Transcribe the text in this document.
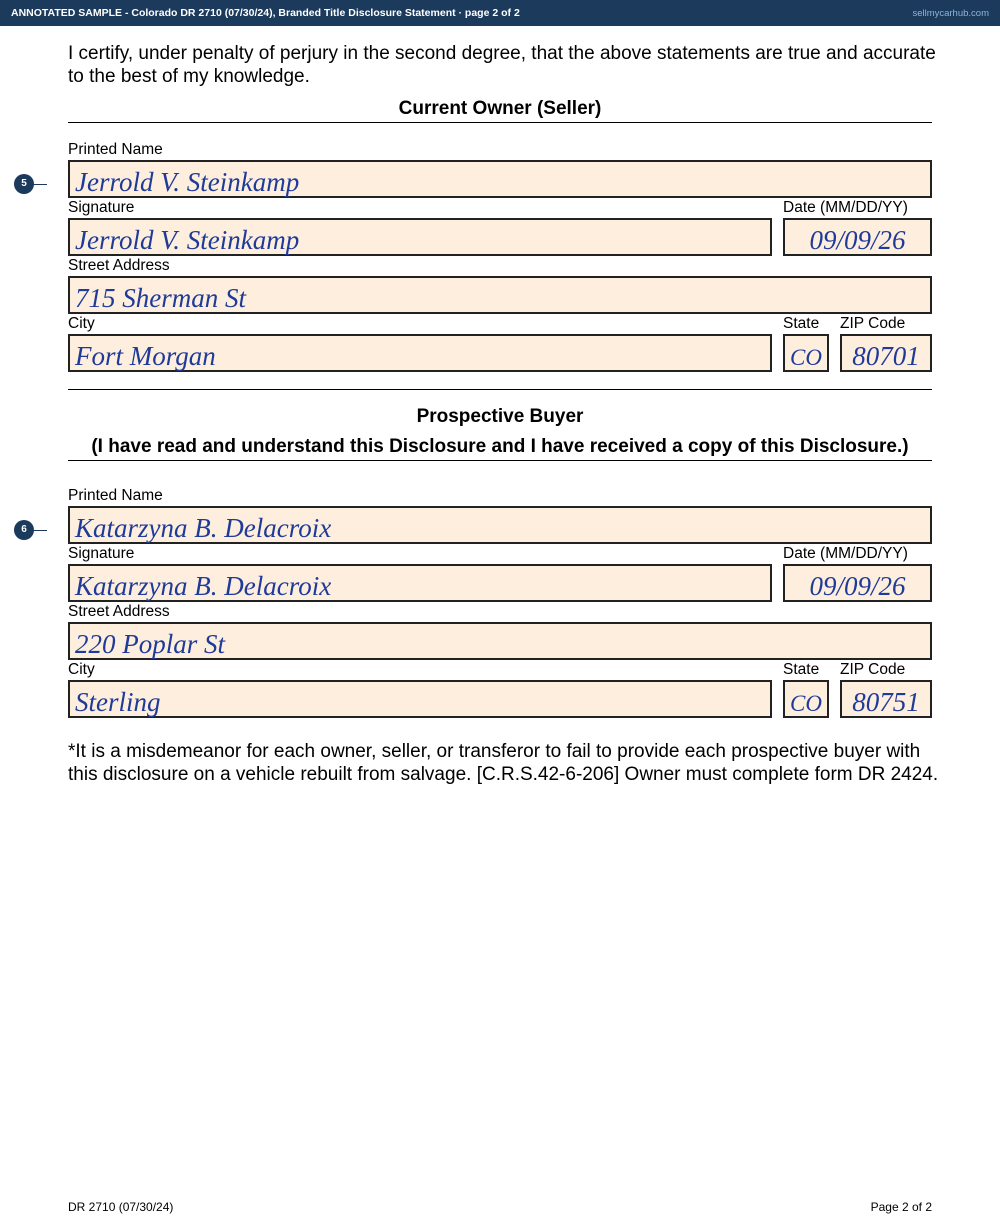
ANNOTATED SAMPLE - Colorado DR 2710 (07/30/24), Branded Title Disclosure Statement · page 2 of 2	sellmycarhub.com
I certify, under penalty of perjury in the second degree, that the above statements are true and accurate to the best of my knowledge.
Current Owner (Seller)
Printed Name
5 Jerrold V. Steinkamp
Signature	Date (MM/DD/YY)
Jerrold V. Steinkamp	09/09/26
Street Address
715 Sherman St
City	State ZIP Code
Fort Morgan	CO	80701
Prospective Buyer
(I have read and understand this Disclosure and I have received a copy of this Disclosure.)
Printed Name
6 Katarzyna B. Delacroix
Signature	Date (MM/DD/YY)
Katarzyna B. Delacroix	09/09/26
Street Address
220 Poplar St
City	State ZIP Code
Sterling	CO	80751
*It is a misdemeanor for each owner, seller, or transferor to fail to provide each prospective buyer with this disclosure on a vehicle rebuilt from salvage. [C.R.S.42-6-206] Owner must complete form DR 2424.
DR 2710 (07/30/24)	Page 2 of 2
